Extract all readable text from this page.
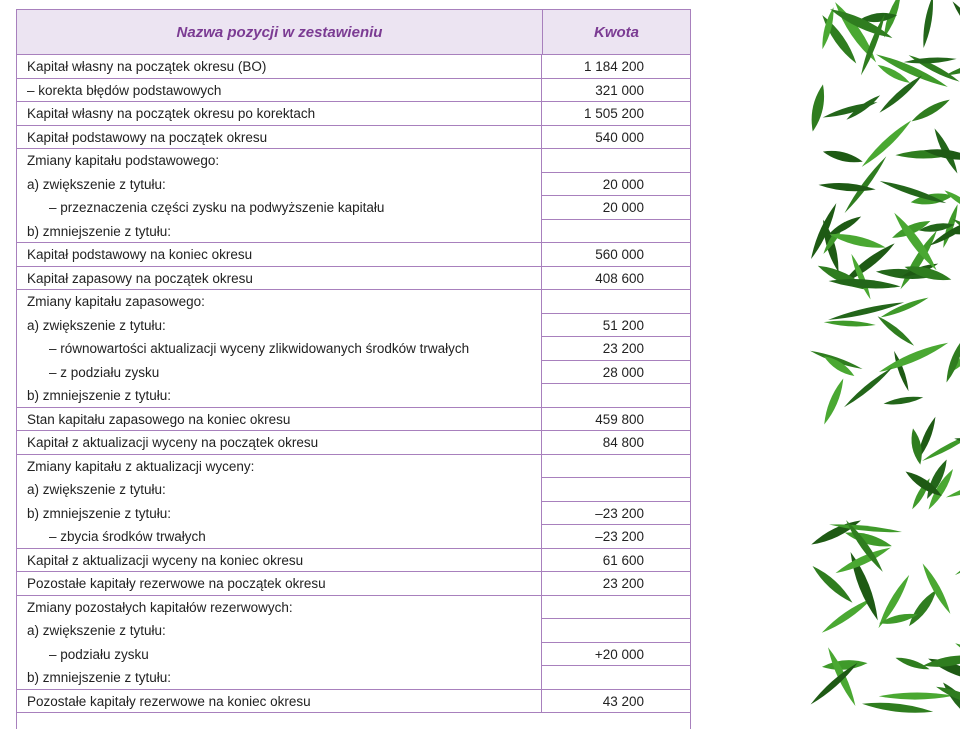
Nazwa pozycji w zestawieniu	Kwota
Kapitał własny na początek okresu (BO)	1 184 200
– korekta błędów podstawowych	321 000
Kapitał własny na początek okresu po korektach	1 505 200
Kapitał podstawowy na początek okresu	540 000
Zmiany kapitału podstawowego:
a) zwiększenie z tytułu:	20 000
– przeznaczenia części zysku na podwyższenie kapitału	20 000
b) zmniejszenie z tytułu:
Kapitał podstawowy na koniec okresu	560 000
Kapitał zapasowy na początek okresu	408 600
Zmiany kapitału zapasowego:
a) zwiększenie z tytułu:	51 200
– równowartości aktualizacji wyceny zlikwidowanych środków trwałych	23 200
– z podziału zysku	28 000
b) zmniejszenie z tytułu:
Stan kapitału zapasowego na koniec okresu	459 800
Kapitał z aktualizacji wyceny na początek okresu	84 800
Zmiany kapitału z aktualizacji wyceny:
a) zwiększenie z tytułu:
b) zmniejszenie z tytułu:	–23 200
– zbycia środków trwałych	–23 200
Kapitał z aktualizacji wyceny na koniec okresu	61 600
Pozostałe kapitały rezerwowe na początek okresu	23 200
Zmiany pozostałych kapitałów rezerwowych:
a) zwiększenie z tytułu:
– podziału zysku	+20 000
b) zmniejszenie z tytułu:
Pozostałe kapitały rezerwowe na koniec okresu	43 200
